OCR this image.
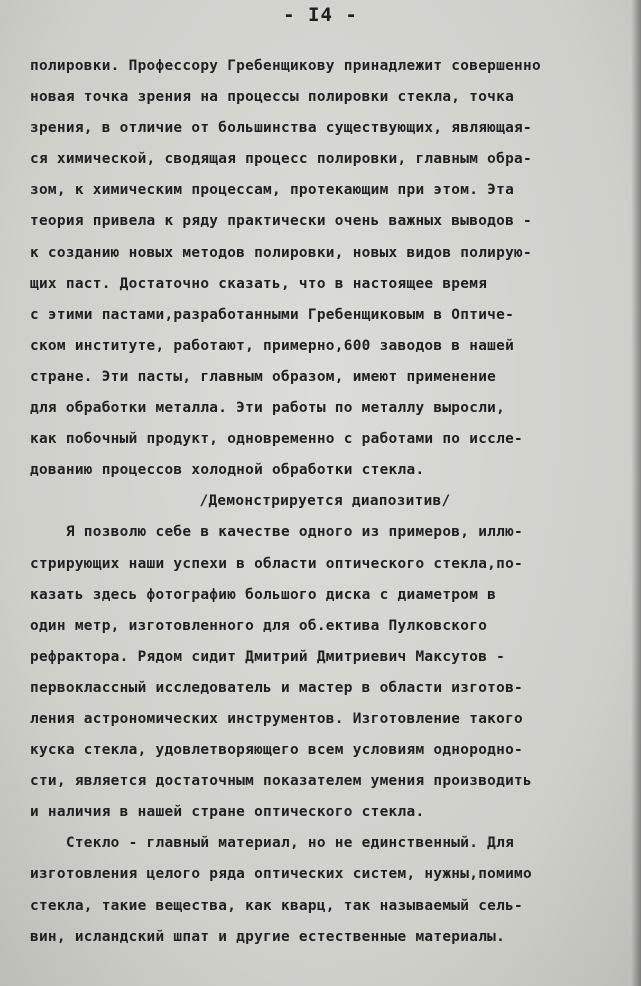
- I4 -
полировки. Профессору Гребенщикову принадлежит совершенно
новая точка зрения на процессы полировки стекла, точка
зрения, в отличие от большинства существующих, являющая-
ся химической, сводящая процесс полировки, главным обра-
зом, к химическим процессам, протекающим при этом. Эта
теория привела к ряду практически очень важных выводов -
к созданию новых методов полировки, новых видов полирую-
щих паст. Достаточно сказать, что в настоящее время
с этими пастами,разработанными Гребенщиковым в Оптиче-
ском институте, работают, примерно,600 заводов в нашей
стране. Эти пасты, главным образом, имеют применение
для обработки металла. Эти работы по металлу выросли,
как побочный продукт, одновременно с работами по иссле-
дованию процессов холодной обработки стекла.
/Демонстрируется диапозитив/
Я позволю себе в качестве одного из примеров, иллю-
стрирующих наши успехи в области оптического стекла,по-
казать здесь фотографию большого диска с диаметром в
один метр, изготовленного для об.ектива Пулковского
рефрактора. Рядом сидит Дмитрий Дмитриевич Максутов -
первоклассный исследователь и мастер в области изготов-
ления астрономических инструментов. Изготовление такого
куска стекла, удовлетворяющего всем условиям однородно-
сти, является достаточным показателем умения производить
и наличия в нашей стране оптического стекла.
Стекло - главный материал, но не единственный. Для
изготовления целого ряда оптических систем, нужны,помимо
стекла, такие вещества, как кварц, так называемый сель-
вин, исландский шпат и другие естественные материалы.
